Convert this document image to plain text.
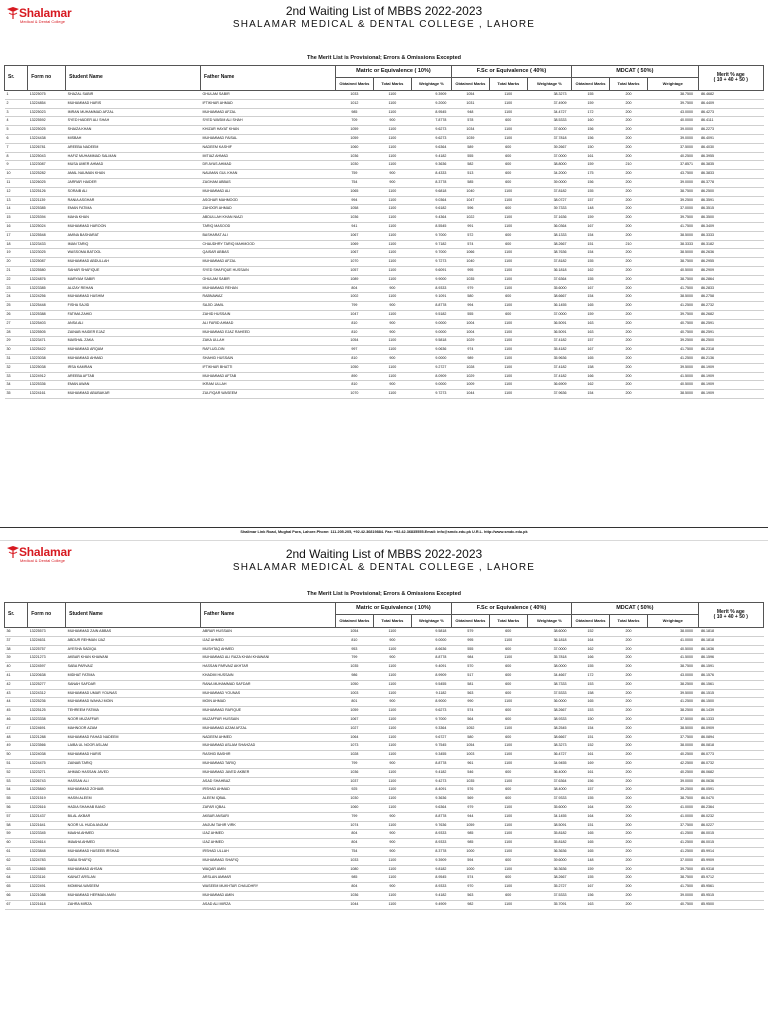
Shalamar
Medical & Dental College
2nd Waiting List of MBBS 2022-2023
SHALAMAR MEDICAL & DENTAL COLLEGE , LAHORE
The Merit List is Provisional; Errors & Omissions Excepted
Sr.	Form no	Student Name	Father Name	Matric or Equivalence ( 10%)			F.Sc or Equivalence ( 40%)			MDCAT ( 50%)			Merit % age
( 10 + 40 + 50 )

				Obtained Marks	Total Marks	Weightage %	Obtained Marks	Total Marks	Weightage %	Obtained Marks	Total Marks	Weightage	
1	13225075	SHAZAL SABIR	GHULAM SABIR	1033	1100	9.3909	1054	1100	38.3273	155	200	38.7500	86.4682
2	13224854	MUHAMMAD HARIS	IFTIKHAR AHMAD	1012	1100	9.2000	1031	1100	37.4909	159	200	39.7500	86.4409
3	13225023	IMRAN MUHAMMAD AFZAL	MUHAMMAD AFZAL	985	1100	8.9545	948	1100	34.4727	172	200	43.0000	86.4273
4	13225592	SYED HAIDER ALI SHAH	SYED WASIM ALI SHAH	709	900	7.8778	578	600	38.5333	160	200	40.0000	86.4111
5	13225025	SHAIZA KHAN	KHIZAR HAYAT KHAN	1059	1100	9.6273	1034	1100	37.6000	156	200	39.0000	86.2273
6	13224438	MISBAH	MUHAMMAD FAISAL	1059	1100	9.6273	1039	1100	37.7818	156	200	39.0000	86.4091
7	13226781	AREEBA NADEEM	NADEEM KASHIF	1060	1100	9.6364	589	600	39.2667	150	200	37.5000	86.4030
8	13225043	HAFIZ MUHAMMAD SALMAN	IMTIAZ AHMAD	1036	1100	9.4182	555	600	37.0000	161	200	40.2500	86.3955
9	13223087	MUSA UMER AHMAD	DR AYAS AHMAD	1030	1100	9.3636	582	600	38.8000	159	210	37.8571	86.3835
10	13225282	AMAL NAUMAN KHAN	NAUMAN GUL KHAN	759	900	8.4333	513	600	34.2000	175	200	43.7500	86.3833
11	13226025	JARRAR HAIDER	ZAGHAM ABBAS	754	900	8.3778	585	600	39.0000	156	200	39.0000	86.3778
12	13225126	SORAIB ALI	MUHAMMAD ALI	1065	1100	9.6818	1040	1100	37.8182	155	200	38.7500	86.2500
13	13221139	RANIA ASGHAR	ASGHAR MAHMOOD	994	1100	9.0364	1047	1100	38.0727	157	200	39.2500	86.3591
14	13225385	EMAN FATIMA	ZAHOOR AHMAD	1058	1100	9.6182	596	600	39.7333	148	200	37.0000	86.3515
15	13225394	MAHA KHAN	ABDULLAH KHAN NIAZI	1036	1100	9.4364	1022	1100	37.1636	159	200	39.7500	86.3500
16	13225024	MUHAMMAD HAROON	TARIQ MASOOD	941	1100	8.5545	991	1100	36.0364	167	200	41.7500	86.3409
17	13225548	AMINA BASHARAT	BASHARAT ALI	1067	1100	9.7000	572	600	38.1333	154	200	38.5000	86.3333
18	13223433	IMAN TARIQ	CHAUDHRY TARIQ MAHMOOD	1069	1100	9.7182	574	600	38.2667	151	210	38.3333	86.3182
19	13223025	WASSOMA BATOOL	QAISAR ABBAS	1067	1100	9.7000	1066	1100	38.7636	154	200	38.5000	86.2636
20	13225087	MUHAMMAD ABDULLAH	MUHAMMAD AFZAL	1070	1100	9.7273	1040	1100	37.8182	155	200	38.7500	86.2955
21	13225580	SAHAR SHAFIQUE	SYED SHAFIQUE HUSSAIN	1057	1100	9.6091	995	1100	36.1818	162	200	40.5000	86.2909
22	13224876	MARYAM SABIR	GHULAM SABIR	1089	1100	9.9000	1035	1100	37.6364	155	200	38.7500	86.2864
23	13223385	ALIZAY REHAN	MUHAMMAD REHAN	804	900	8.9333	979	1100	35.6000	167	200	41.7500	86.2833
24	13224256	MUHAMMAD HASHIM	RABNAWAZ	1002	1100	9.1091	580	600	38.6667	154	200	38.5000	86.2758
25	13225448	FISHA SAJID	SAJID JAMIL	799	900	8.8778	994	1100	36.1455	165	200	41.2500	86.2732
26	13225388	FATIMA ZAHID	ZAHID HUSSAIN	1047	1100	9.5182	555	600	37.0000	159	200	39.7500	86.2682
27	13225403	ANSA ALI	ALI FARID AHMAD	810	900	9.0000	1004	1100	36.5091	163	200	40.7500	86.2591
28	13225505	ZAINAB HAIDER EJAZ	MUHAMMAD EJAZ RAHEED	810	900	9.0000	1004	1100	36.5091	163	200	40.7500	86.2591
29	13223471	MAISHAL ZAKA	ZAKA ULLAH	1054	1100	9.5818	1029	1100	37.4182	157	200	39.2500	86.2500
30	13225422	MUHAMMAD ARQAM	RAFI-UD-DIN	997	1100	9.0636	974	1100	35.4182	167	200	41.7500	86.2318
31	13223038	MUHAMMAD AHMAD	SHAHID HUSSAIN	810	900	9.0000	989	1100	35.9636	165	200	41.2500	86.2136
32	13225038	IRSA KAMRAN	IFTIKHAR BHATTI	1050	1100	9.2727	1028	1100	37.4182	158	200	39.5000	86.1909
33	13224912	AREEBA AFTAB	MUHAMMAD AFTAB	890	1100	8.0909	1029	1100	37.4182	166	200	41.5000	86.1909
34	13225336	EMAN AWAN	IKRAM ULLAH	810	900	9.0000	1009	1100	36.6909	162	200	40.5000	86.1909
35	13224161	MUHAMMAD ABUBAKAR	ZULFIQAR WASEEM	1070	1100	9.7273	1044	1100	37.9636	154	200	38.5000	86.1909
Shalimar Link Road, Mughal Pura, Lahore.Phone: 111.205.205, +92.42.36819884. Fax: +92.42.36835555.Email: info@smdc.edu.pk U.R.L. http://www.smdc.edu.pk
Shalamar
Medical & Dental College	2nd Waiting List of MBBS 2022-2023
SHALAMAR MEDICAL & DENTAL COLLEGE , LAHORE
The Merit List is Provisional; Errors & Omissions Excepted
Sr.	Form no	Student Name	Father Name	Matric or Equivalence ( 10%)			F.Sc or Equivalence ( 40%)			MDCAT ( 50%)			Merit % age
( 10 + 40 + 50 )

				Obtained Marks	Total Marks	Weightage %	Obtained Marks	Total Marks	Weightage %	Obtained Marks	Total Marks	Weightage	
36	13225573	MUHAMMAD ZAIN ABBAS	ABRAR HUSSAIN	1054	1100	9.5818	579	600	38.6000	152	200	38.0000	86.1818
37	13224631	ABDUR REHMAN IJAZ	IJAZ AHMED	810	900	9.0000	995	1100	36.1818	164	200	41.0000	86.1818
38	13225757	AYESHA SADIQA	MUSHTAQ AHMED	953	1100	8.6636	555	600	37.0000	162	200	40.5000	86.1636
39	13221273	AKBAR KHAN KHAWANI	MUHAMMAD ALI RAZA KHAN KHAWANI	799	900	8.8778	984	1100	35.7818	166	200	41.5000	86.1596
40	13224597	SABA PARVAIZ	HASSAN PARVAIZ AKHTAR	1035	1100	9.4091	570	600	38.0000	155	200	38.7500	86.1591
41	13220638	MIDHAT FATIMA	KHADIM HUSSAIN	986	1100	8.9909	517	600	34.4667	172	200	43.0000	86.1576
42	13225277	SANAH SAFDAR	RANA MUHAMMAD SAFDAR	1050	1100	9.5455	581	600	38.7333	153	200	38.2500	86.1561
43	13224312	MUHAMMAD UMAR YOUNAS	MUHAMMAD YOUNAS	1003	1100	9.1182	563	600	37.5333	158	200	39.5000	86.1515
44	13225236	MUHAMMAD WAHAJ MOIN	MOIN AHMAD	801	900	8.9000	990	1100	36.0000	165	200	41.2500	86.1500
45	13225125	TEHREEM FATIMA	MUHAMMAD RAFIQUE	1059	1100	9.6273	574	600	38.2667	153	200	38.2500	86.1439
46	13223338	NOOR MUZAFFAR	MUZAFFAR HUSSAIN	1067	1100	9.7000	564	600	38.9333	150	200	37.5000	86.1333
47	13224691	MAHNOOR AZAM	MUHAMMAD AZAM AFZAL	1027	1100	9.3364	1052	1100	38.2545	154	200	38.5000	86.0909
48	13221288	MUHAMMAD FAHAD NADEEM	NADEEM AHMED	1064	1100	9.6727	580	600	38.6667	151	200	37.7500	86.0894
49	13223566	LAIBA UL NOOR ASLAM	MUHAMMAD ASLAM SHAHZAD	1073	1100	9.7545	1054	1100	38.3273	152	200	38.0000	86.0818
50	13224038	MUHAMMAD HARIS	RASHID BASHIR	1028	1100	9.3455	1003	1100	36.4727	161	200	40.2500	86.0773
51	13224475	ZAINAB TARIQ	MUHAMMAD TARIQ	799	900	8.8778	961	1100	34.9455	169	200	42.2500	86.0732
52	13223271	AHMAD HASSAN JAVED	MUHAMMAD JAVED AKBER	1036	1100	9.4182	546	600	36.4000	161	200	40.2500	86.0682
53	13226743	HASSAN ALI	ASAD SHAHBAZ	1037	1100	9.4273	1035	1100	37.6364	156	200	39.0000	86.0636
54	13225840	MUHAMMAD ZOHAIB	IRSHAD AHMAD	925	1100	8.4091	576	600	38.4000	157	200	39.2500	86.0591
55	13221519	HASIN ALEEM	ALEEM IQBAL	1030	1100	9.3636	569	600	37.9333	155	200	38.7500	86.0470
56	13222616	HADIA SHAHAB BANO	ZAFAR IQBAL	1060	1100	9.6364	979	1100	35.6000	164	200	41.0000	86.2364
57	13221437	BILAL AKBAR	AKBAR ANSARI	799	900	8.8778	944	1100	34.1455	164	200	41.0000	86.0232
58	13221641	NOOR UL HUDA ANJUM	ANJUM TAHIR VIRK	1074	1100	9.7636	1059	1100	38.5091	151	200	37.7500	86.0227
59	13223345	MAAHA AHMED	IJAZ AHMED	804	900	8.9333	985	1100	35.8182	165	200	41.2500	86.0015
60	13224614	IMAAHA AHMED	IJAZ AHMED	804	900	8.9333	985	1100	35.8182	165	200	41.2500	86.0015
61	13223848	MUHAMMAD HASEEB IRSHAD	IRSHAD ULLAH	754	900	8.3778	1000	1100	36.3636	165	200	41.2500	85.9914
62	13224783	SABA SHAFIQ	MUHAMMAD SHAFIQ	1033	1100	9.3909	594	600	39.6000	148	200	37.0000	85.9909
63	13224865	MUHAMMAD AHSAN	WAQAR AMIN	1080	1100	9.8182	1000	1100	36.3636	159	200	39.7500	85.9318
64	13223116	KAINAT ARSLAN	ARSLAN AMMAR	985	1100	8.9545	574	600	38.2667	155	200	38.7500	85.9712
65	13222491	MOMINA WASEEM	WASEEM MUKHTAR CHAUDHRY	804	900	8.9333	970	1100	35.2727	167	200	41.7500	85.9561
66	13221088	MUHAMMAD HERMAN AMIN	MUHAMMAD AMIN	1036	1100	9.4182	563	600	37.5333	156	200	39.0000	85.9515
67	13221618	ZAHRA MIRZA	ASAD ALI MIRZA	1044	1100	9.4909	982	1100	35.7091	163	200	40.7500	85.9500
